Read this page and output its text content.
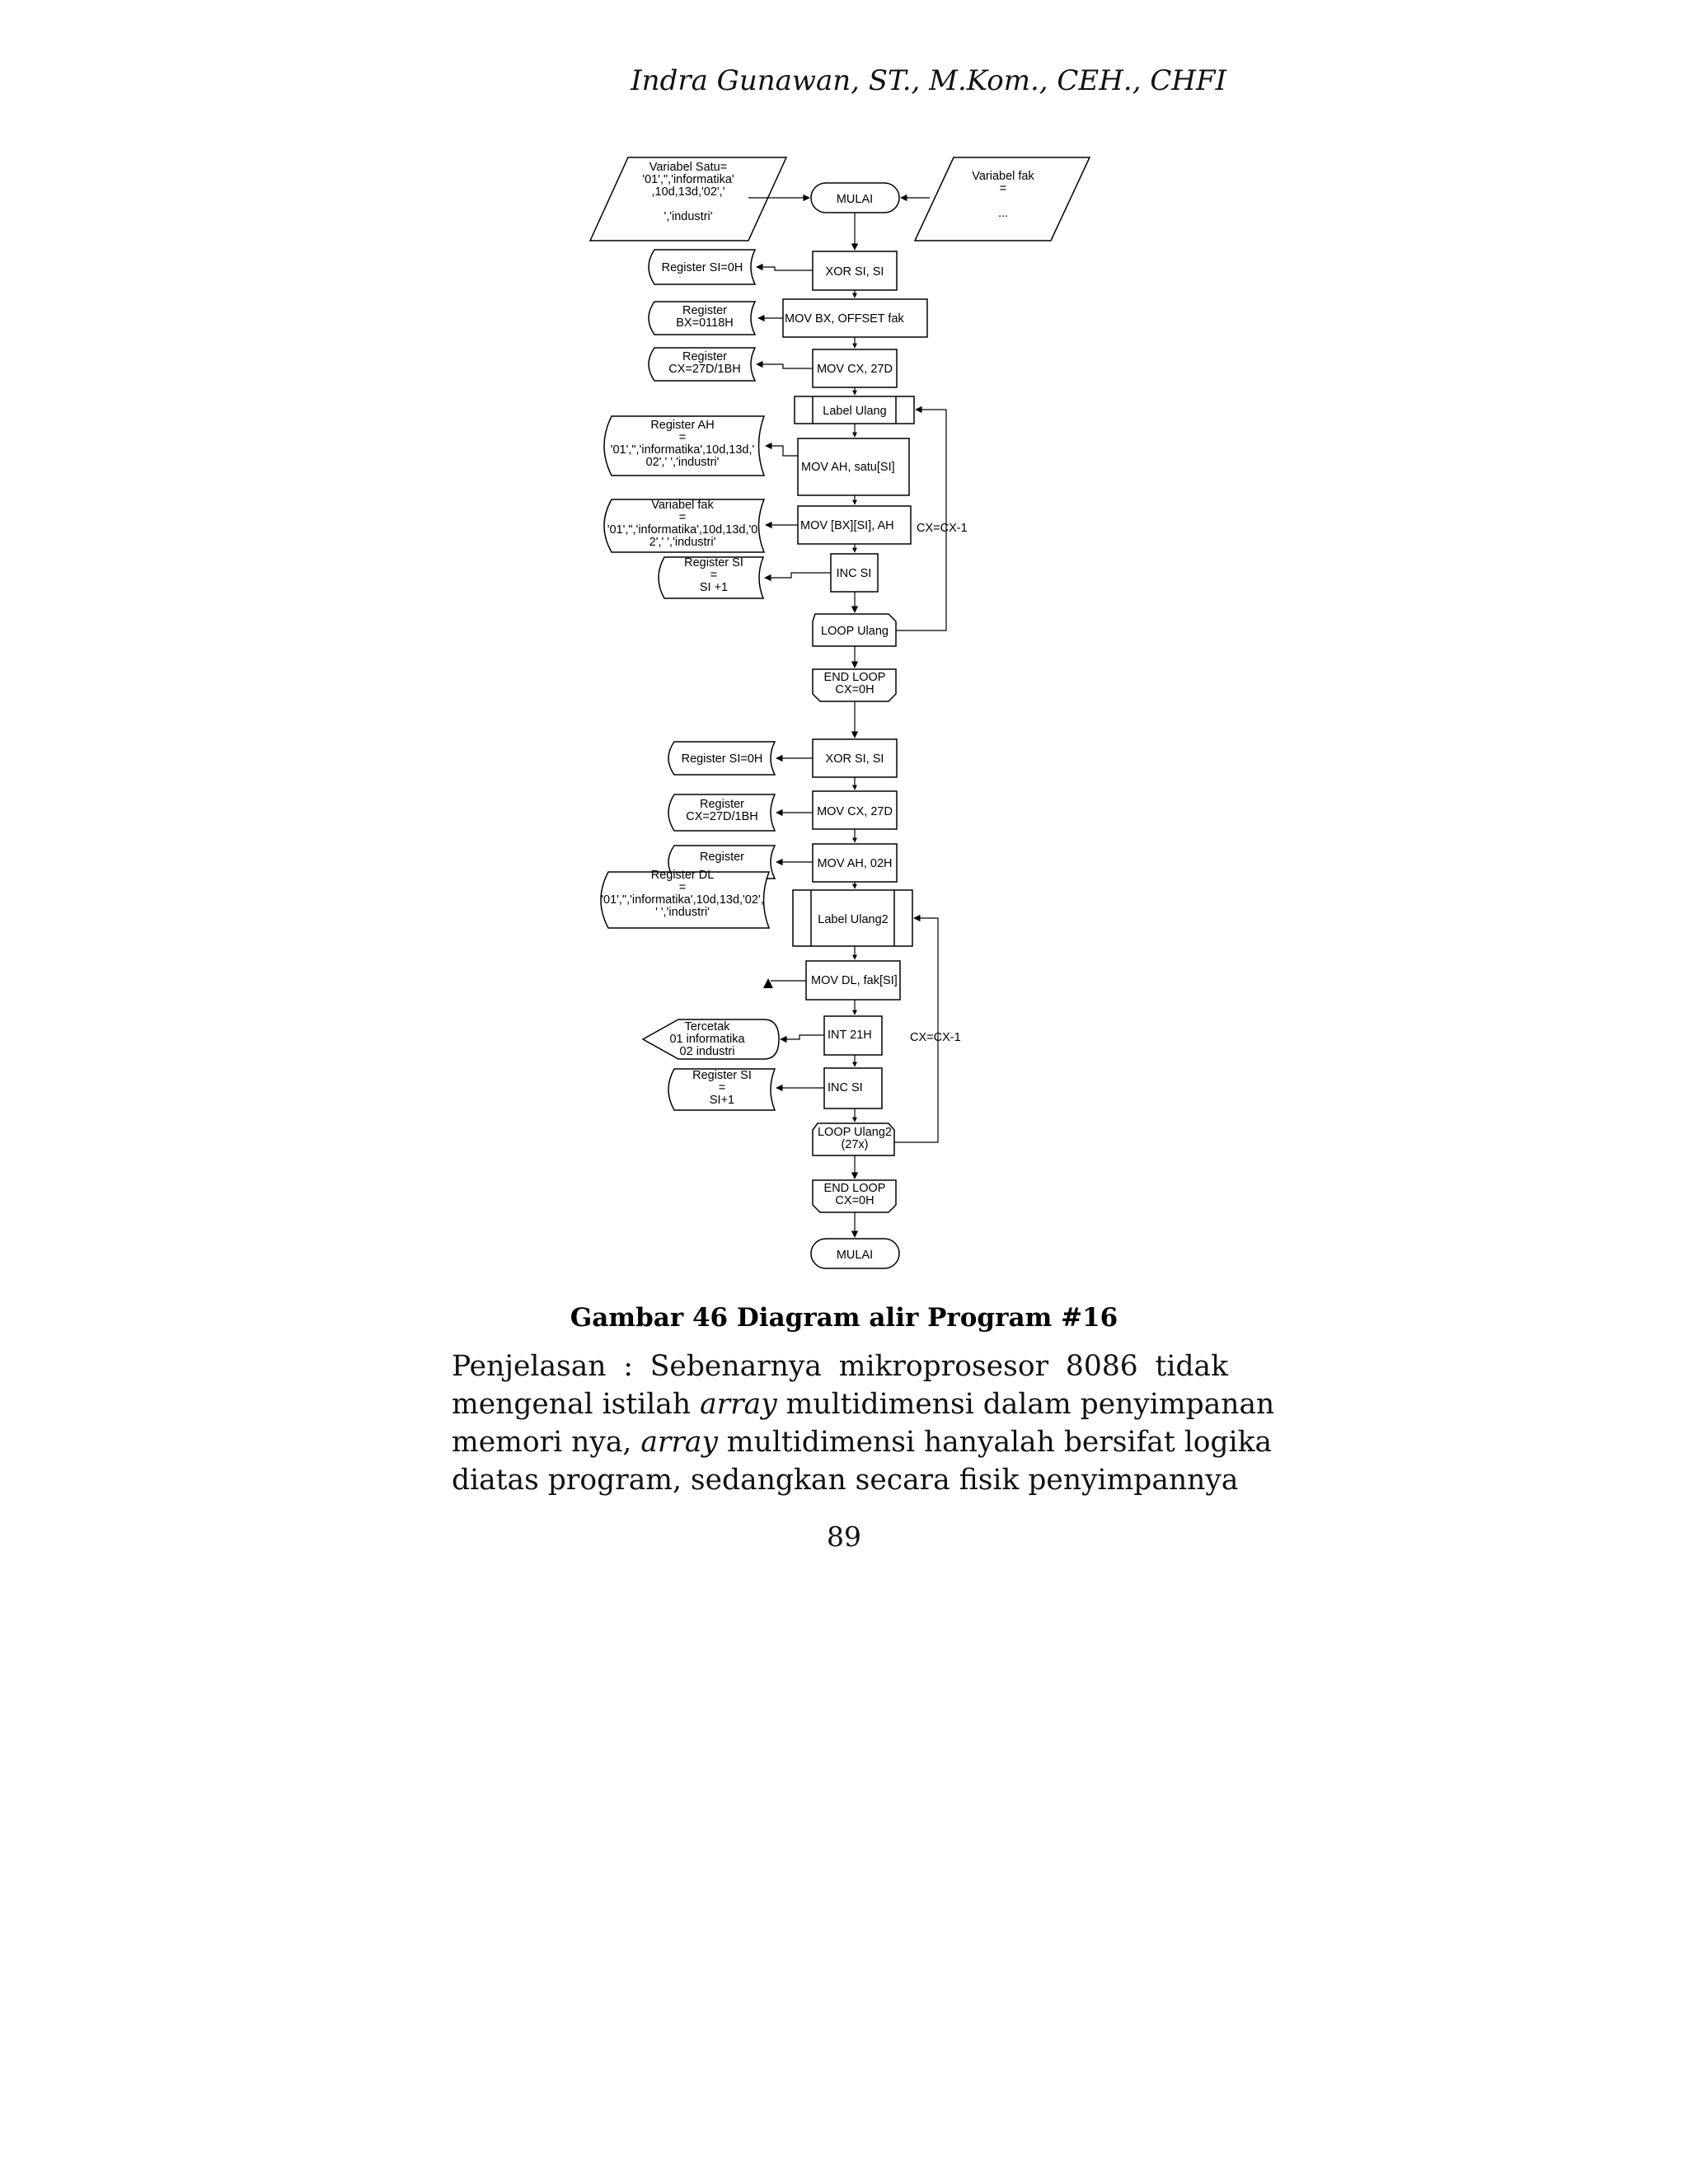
Indra Gunawan, ST., M.Kom., CEH., CHFI
Variabel Satu= '01',",'informatika' ,10d,13d,'02',' ','industri'
Variabel fak = ...
MULAI
XOR SI, SI
Register SI=0H
MOV BX, OFFSET fak
Register BX=0118H
MOV CX, 27D
Register CX=27D/1BH
Label Ulang
MOV AH, satu[SI]
Register AH = '01',",'informatika',10d,13d,' 02',' ','industri'
MOV [BX][SI], AH
Variabel fak = '01',",'informatika',10d,13d,'0 2',' ','industri'
INC SI
Register SI = SI +1
LOOP Ulang
END LOOP CX=0H
XOR SI, SI
Register SI=0H
MOV CX, 27D
Register CX=27D/1BH
MOV AH, 02H
Register
Register DL = '01',",'informatika',10d,13d,'02', ' ','industri'
Label Ulang2
MOV DL, fak[SI]
INT 21H
Tercetak 01 informatika 02 industri
INC SI
Register SI = SI+1
LOOP Ulang2 (27x)
END LOOP CX=0H
MULAI
CX=CX-1
CX=CX-1
Gambar 46 Diagram alir Program #16
Penjelasan : Sebenarnya mikroprosesor 8086 tidak
mengenal istilah array multidimensi dalam penyimpanan
memori nya, array multidimensi hanyalah bersifat logika
diatas program, sedangkan secara fisik penyimpannya
89
